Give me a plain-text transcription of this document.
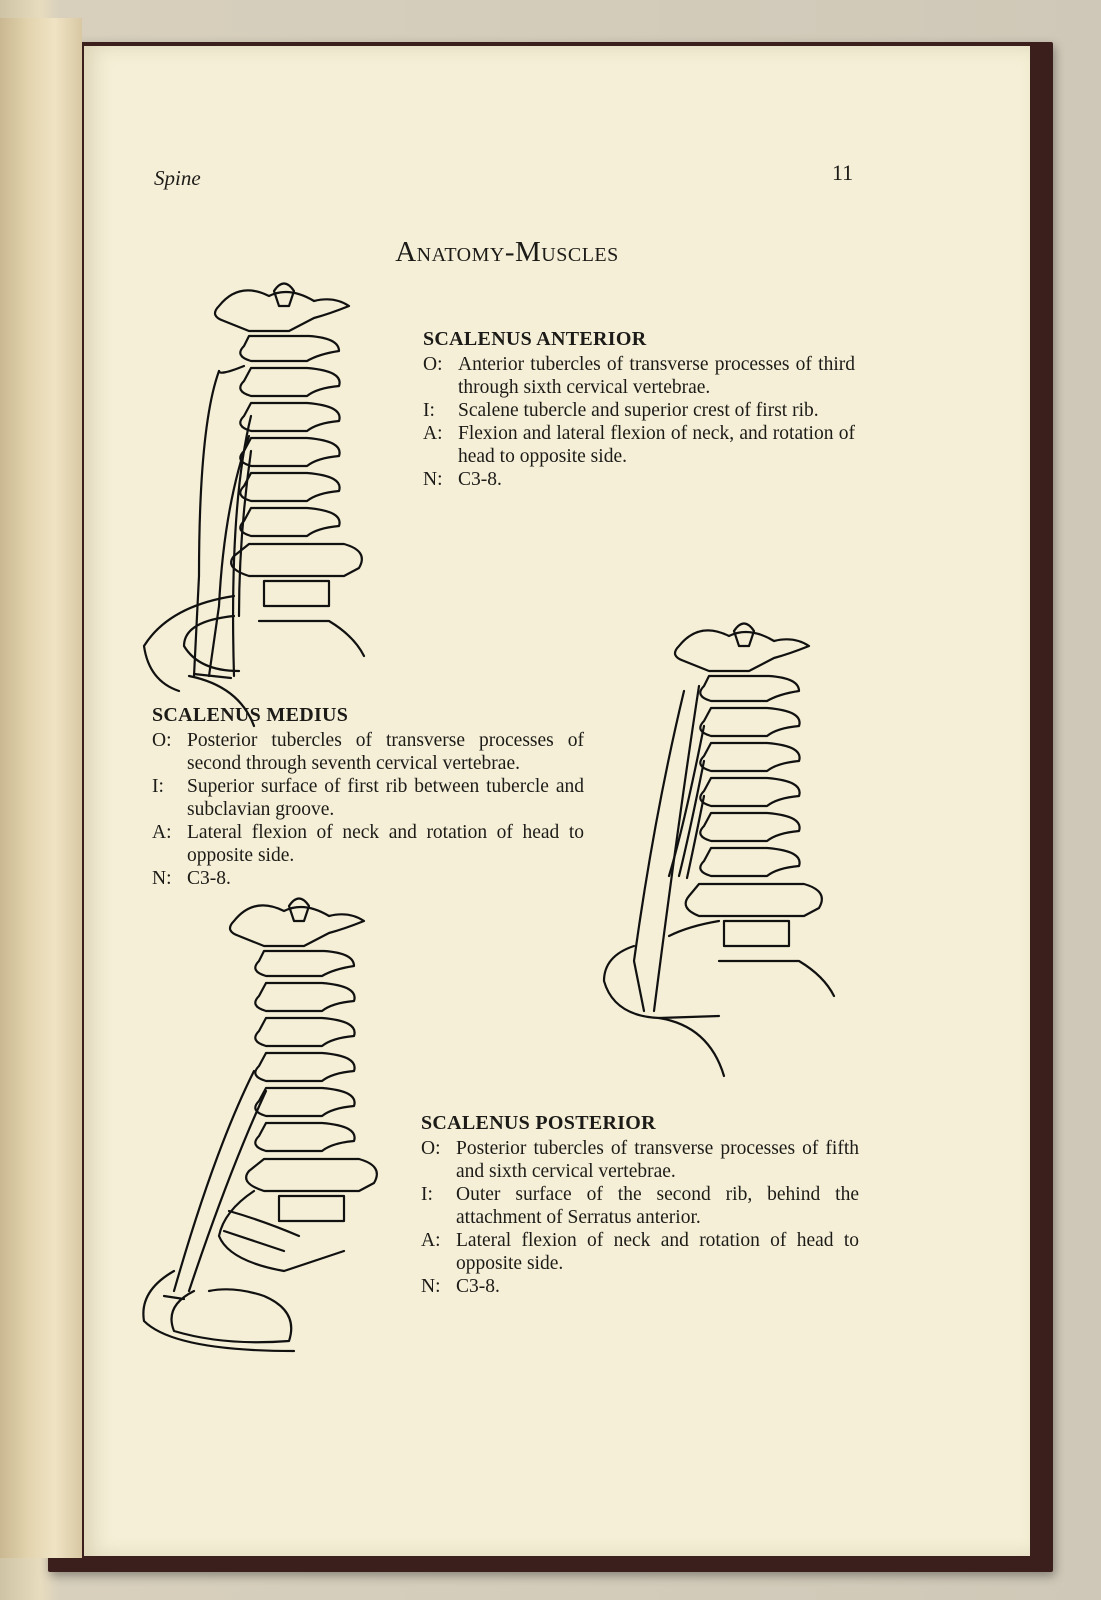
Spine	11
Anatomy-Muscles
SCALENUS ANTERIOR
O: Anterior tubercles of transverse processes of third through sixth cervical vertebrae.
I:	Scalene tubercle and superior crest of first rib.
A: Flexion and lateral flexion of neck, and rotation of head to opposite side.
N: C3-8.
SCALENUS MEDIUS
O: Posterior tubercles of transverse processes of second through seventh cervical vertebrae.
I:	Superior surface of first rib between tubercle and subclavian groove.
A: Lateral flexion of neck and rotation of head to opposite side.
N: C3-8.
SCALENUS POSTERIOR
O: Posterior tubercles of transverse processes of fifth and sixth cervical vertebrae.
I:	Outer surface of the second rib, behind the attachment of Serratus anterior.
A: Lateral flexion of neck and rotation of head to opposite side.
N: C3-8.
